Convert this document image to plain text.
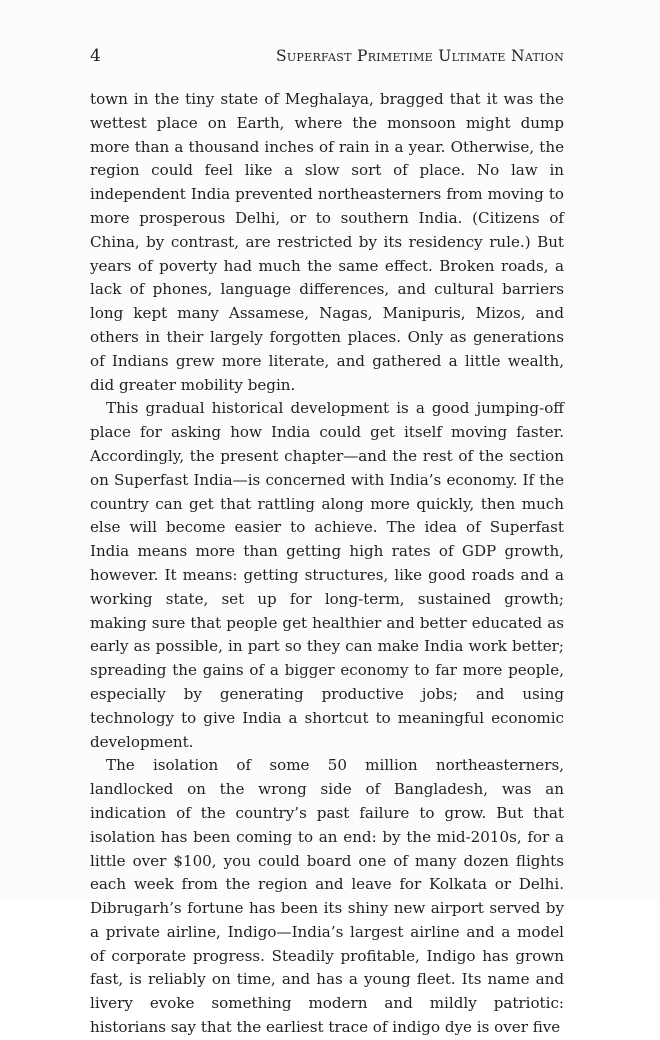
4	Superfast Primetime Ultimate Nation

town in the tiny state of Meghalaya, bragged that it was the wettest place on Earth, where the monsoon might dump more than a thousand inches of rain in a year. Otherwise, the region could feel like a slow sort of place. No law in independent India prevented northeasterners from moving to more prosperous Delhi, or to southern India. (Citizens of China, by contrast, are restricted by its residency rule.) But years of poverty had much the same effect. Broken roads, a lack of phones, language differences, and cultural barriers long kept many Assamese, Nagas, Manipuris, Mizos, and others in their largely forgotten places. Only as generations of Indians grew more literate, and gathered a little wealth, did greater mobility begin.

This gradual historical development is a good jumping-off place for asking how India could get itself moving faster. Accordingly, the present chapter—and the rest of the section on Superfast India—is concerned with India’s economy. If the country can get that rattling along more quickly, then much else will become easier to achieve. The idea of Superfast India means more than getting high rates of GDP growth, however. It means: getting structures, like good roads and a working state, set up for long-term, sustained growth; making sure that people get healthier and better educated as early as possible, in part so they can make India work better; spreading the gains of a bigger economy to far more people, especially by generating productive jobs; and using technology to give India a shortcut to meaningful economic development.

The isolation of some 50 million northeasterners, landlocked on the wrong side of Bangladesh, was an indication of the country’s past failure to grow. But that isolation has been coming to an end: by the mid-2010s, for a little over $100, you could board one of many dozen flights each week from the region and leave for Kolkata or Delhi. Dibrugarh’s fortune has been its shiny new airport served by a private airline, Indigo—India’s largest airline and a model of corporate progress. Steadily profitable, Indigo has grown fast, is reliably on time, and has a young fleet. Its name and livery evoke something modern and mildly patriotic: historians say that the earliest trace of indigo dye is over five
